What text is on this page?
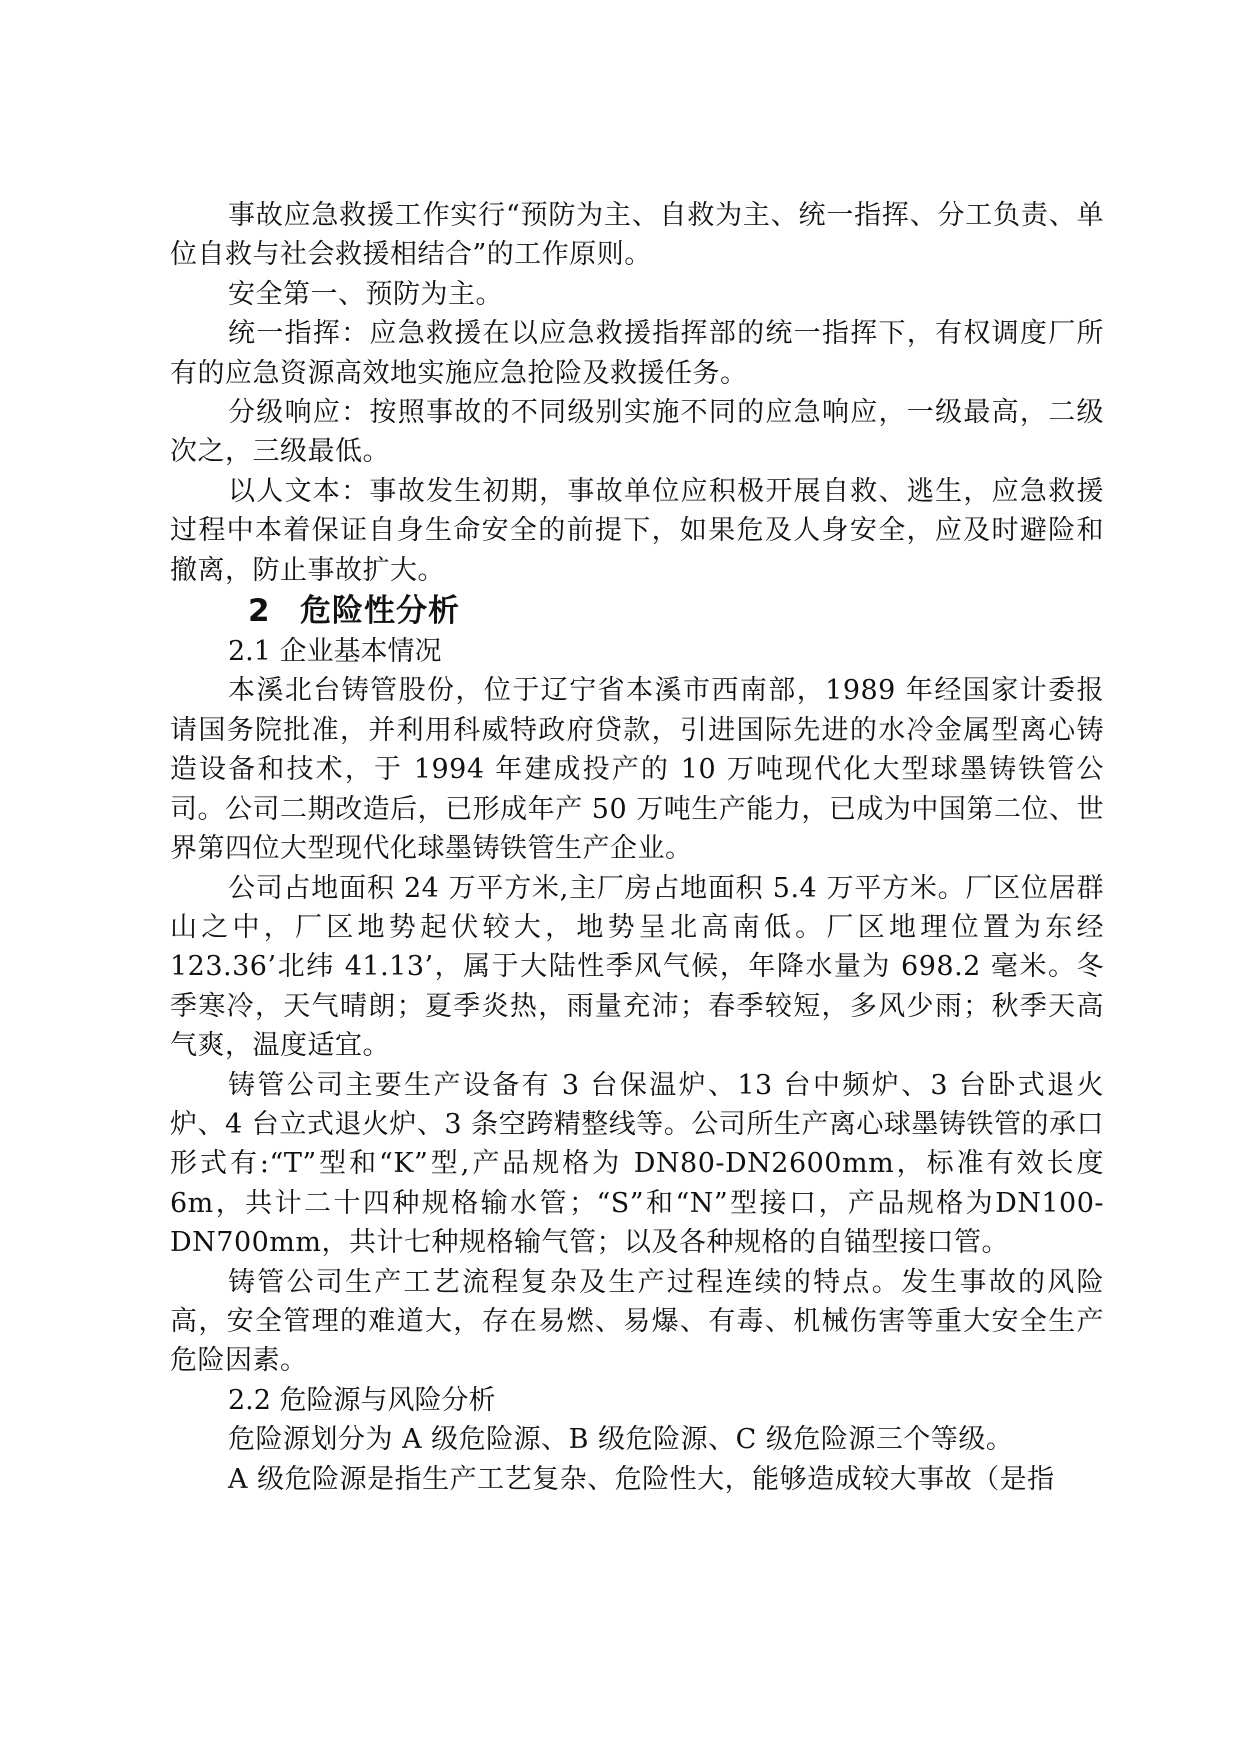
事故应急救援工作实行“预防为主、自救为主、统一指挥、分工负责、单位自救与社会救援相结合”的工作原则。

安全第一、预防为主。

统一指挥：应急救援在以应急救援指挥部的统一指挥下，有权调度厂所有的应急资源高效地实施应急抢险及救援任务。

分级响应：按照事故的不同级别实施不同的应急响应，一级最高，二级次之，三级最低。

以人文本：事故发生初期，事故单位应积极开展自救、逃生，应急救援过程中本着保证自身生命安全的前提下，如果危及人身安全，应及时避险和撤离，防止事故扩大。

2 危险性分析

2.1 企业基本情况

本溪北台铸管股份，位于辽宁省本溪市西南部，1989 年经国家计委报请国务院批准，并利用科威特政府贷款，引进国际先进的水冷金属型离心铸造设备和技术，于 1994 年建成投产的 10 万吨现代化大型球墨铸铁管公司。公司二期改造后，已形成年产 50 万吨生产能力，已成为中国第二位、世界第四位大型现代化球墨铸铁管生产企业。

公司占地面积 24 万平方米,主厂房占地面积 5.4 万平方米。厂区位居群山之中，厂区地势起伏较大，地势呈北高南低。厂区地理位置为东经123.36’北纬 41.13’，属于大陆性季风气候，年降水量为 698.2 毫米。冬季寒冷，天气晴朗；夏季炎热，雨量充沛；春季较短，多风少雨；秋季天高气爽，温度适宜。

铸管公司主要生产设备有 3 台保温炉、13 台中频炉、3 台卧式退火炉、4 台立式退火炉、3 条空跨精整线等。公司所生产离心球墨铸铁管的承口形式有:“T”型和“K”型,产品规格为 DN80-DN2600mm，标准有效长度 6m，共计二十四种规格输水管；“S”和“N”型接口，产品规格为DN100-DN700mm，共计七种规格输气管；以及各种规格的自锚型接口管。

铸管公司生产工艺流程复杂及生产过程连续的特点。发生事故的风险高，安全管理的难道大，存在易燃、易爆、有毒、机械伤害等重大安全生产危险因素。

2.2 危险源与风险分析

危险源划分为 A 级危险源、B 级危险源、C 级危险源三个等级。

A 级危险源是指生产工艺复杂、危险性大，能够造成较大事故（是指
